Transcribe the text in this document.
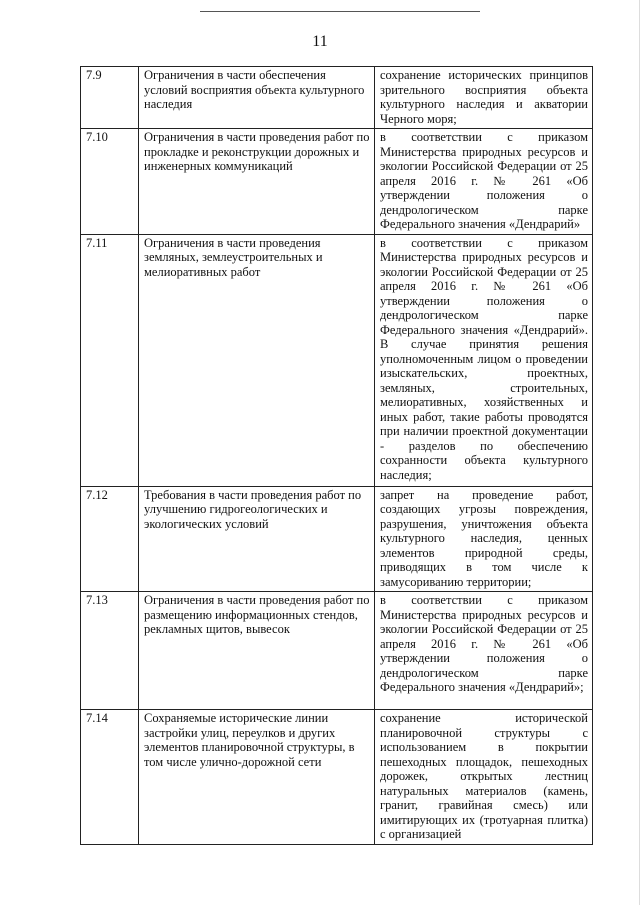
11
7.9	Ограничения в части обеспечения условий восприятия объекта культурного наследия	сохранение исторических принципов зрительного восприятия объекта культурного наследия и акватории Черного моря;
7.10	Ограничения в части проведения работ по прокладке и реконструкции дорожных и инженерных коммуникаций	в соответствии с приказом Министерства природных ресурсов и экологии Российской Федерации от 25 апреля 2016 г. № 261 «Об утверждении положения о дендрологическом парке Федерального значения «Дендрарий»
7.11	Ограничения в части проведения земляных, землеустроительных и мелиоративных работ	в соответствии с приказом Министерства природных ресурсов и экологии Российской Федерации от 25 апреля 2016 г. № 261 «Об утверждении положения о дендрологическом парке Федерального значения «Дендрарий». В случае принятия решения уполномоченным лицом о проведении изыскательских, проектных, земляных, строительных, мелиоративных, хозяйственных и иных работ, такие работы проводятся при наличии проектной документации - разделов по обеспечению сохранности объекта культурного наследия;
7.12	Требования в части проведения работ по улучшению гидрогеологических и экологических условий	запрет на проведение работ, создающих угрозы повреждения, разрушения, уничтожения объекта культурного наследия, ценных элементов природной среды, приводящих в том числе к замусориванию территории;
7.13	Ограничения в части проведения работ по размещению информационных стендов, рекламных щитов, вывесок	в соответствии с приказом Министерства природных ресурсов и экологии Российской Федерации от 25 апреля 2016 г. № 261 «Об утверждении положения о дендрологическом парке Федерального значения «Дендрарий»;
7.14	Сохраняемые исторические линии застройки улиц, переулков и других элементов планировочной структуры, в том числе улично-дорожной сети	сохранение исторической планировочной структуры с использованием в покрытии пешеходных площадок, пешеходных дорожек, открытых лестниц натуральных материалов (камень, гранит, гравийная смесь) или имитирующих их (тротуарная плитка) с организацией
